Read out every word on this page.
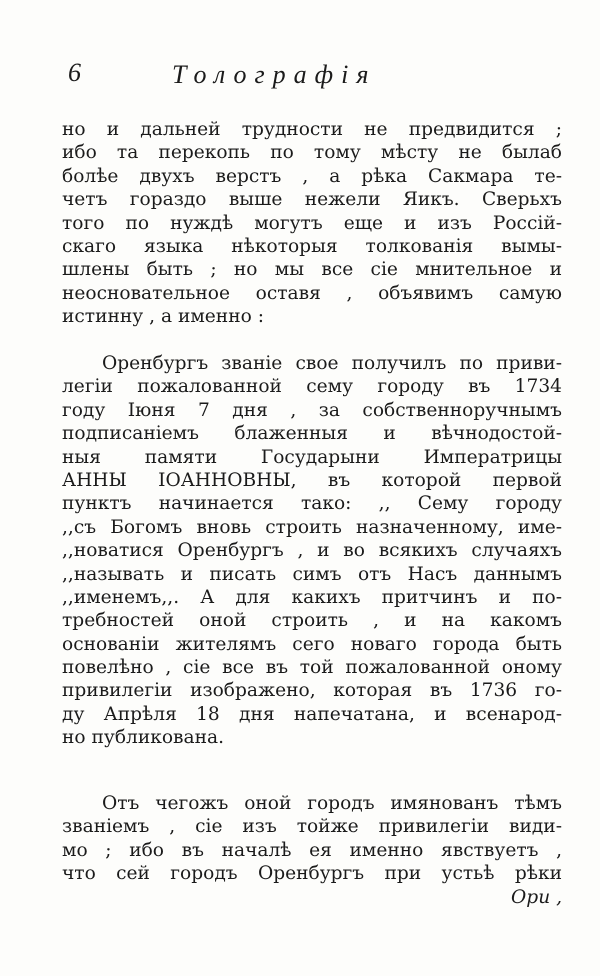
6	Тологрaфiя
но и дальней трудности не предвидится ;
ибо та перекопь по тому мѣсту не былаб
болѣе двухъ верстъ , а рѣка Сакмара те-
четъ гораздо выше нежели Яикъ. Сверьхъ
того по нуждѣ могутъ еще и изъ Россiй-
скаго языка нѣкоторыя толкованiя вымы-
шлены быть ; но мы все сiе мнительное и
неосновательное оставя , объявимъ самую
истинну , а именно :
Оренбургъ званiе свое получилъ по приви-
легiи пожалованной сему городу въ 1734
году Iюня 7 дня , за собственноручнымъ
подписанiемъ блаженныя и вѣчнодостой-
ныя памяти Государыни Императрицы
АННЫ IОАННОВНЫ, въ которой первой
пунктъ начинается тако: ,, Сему городу
,,съ Богомъ вновь строить назначенному, име-
,,новатися Оренбургъ , и во всякихъ случаяхъ
,,называть и писать симъ отъ Насъ даннымъ
,,именемъ,,. А для какихъ притчинъ и по-
требностей оной строить , и на какомъ
основанiи жителямъ сего новаго города быть
повелѣно , сiе все въ той пожалованной оному
привилегiи изображено, которая въ 1736 го-
ду Апрѣля 18 дня напечатана, и всенарод-
но публикована.
Отъ чегожъ оной городъ имянованъ тѣмъ
званiемъ , сiе изъ тойже привилегiи види-
мо ; ибо въ началѣ ея именно явствуетъ ,
что сей городъ Оренбургъ при устьѣ рѣки
Ори ,
